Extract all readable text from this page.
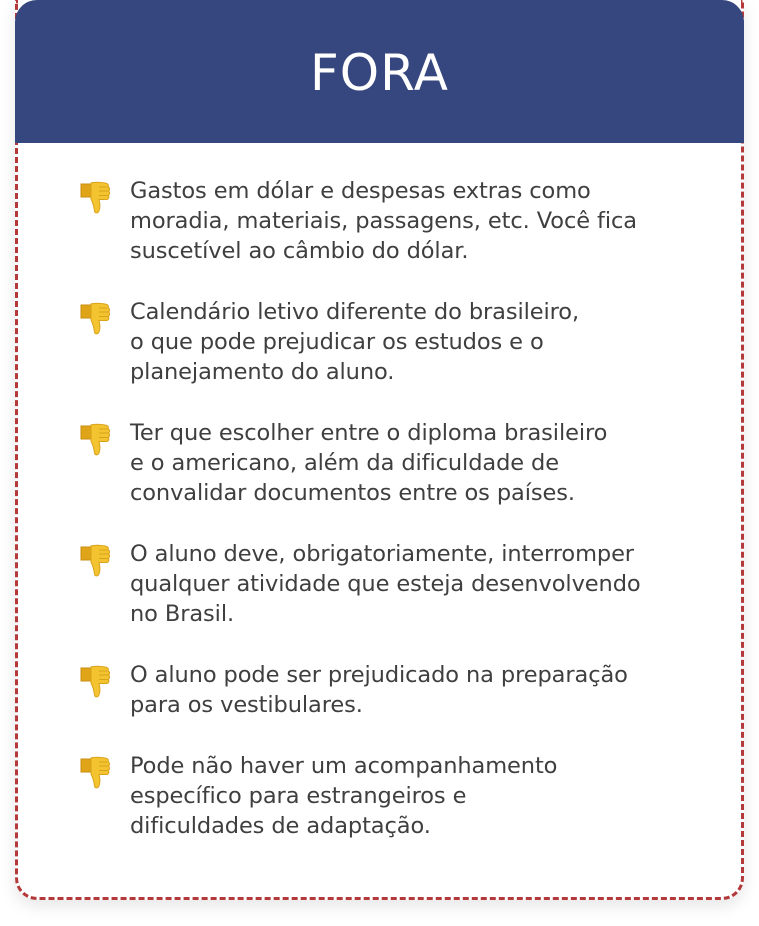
FORA
Gastos em dólar e despesas extras como
moradia, materiais, passagens, etc. Você fica
suscetível ao câmbio do dólar.
Calendário letivo diferente do brasileiro,
o que pode prejudicar os estudos e o
planejamento do aluno.
Ter que escolher entre o diploma brasileiro
e o americano, além da dificuldade de
convalidar documentos entre os países.
O aluno deve, obrigatoriamente, interromper
qualquer atividade que esteja desenvolvendo
no Brasil.
O aluno pode ser prejudicado na preparação
para os vestibulares.
Pode não haver um acompanhamento
específico para estrangeiros e
dificuldades de adaptação.
